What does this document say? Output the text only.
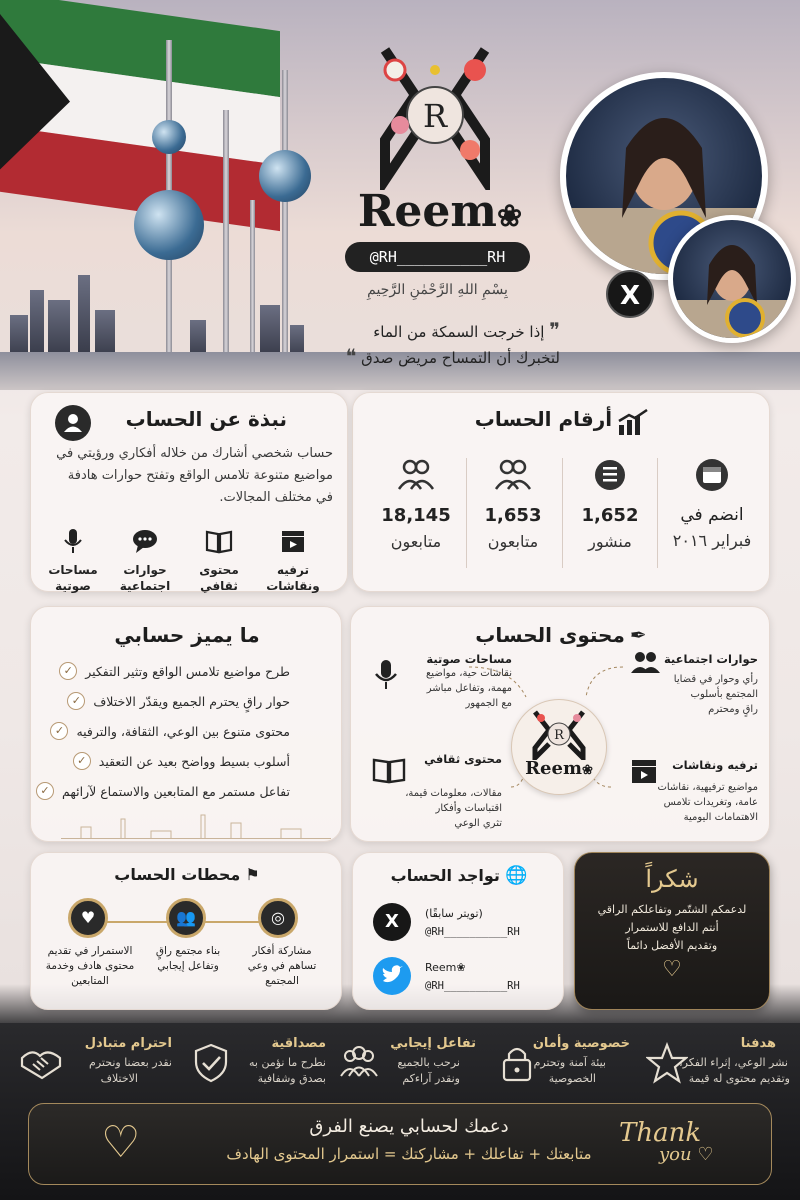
R
Reem❀
@RH__________RH
بِسْمِ اللهِ الرَّحْمٰنِ الرَّحِيمِ
❞ إذا خرجت السمكة من الماء
لتخبرك أن التمساح مريض صدق ❝
X
أرقام الحساب
18,145
متابعون
1,653
متابعون
1,652
منشور
انضم في
فبراير ٢٠١٦
نبذة عن الحساب
حساب شخصي أشارك من خلاله أفكاري ورؤيتي في مواضيع متنوعة تلامس الواقع وتفتح حوارات هادفة في مختلف المجالات.
مساحات
صوتية
حوارات
اجتماعية
محتوى
ثقافي
ترفيه
ونقاشات
ما يميز حسابي
طرح مواضيع تلامس الواقع وتثير التفكير
✓
حوار راقٍ يحترم الجميع ويقدّر الاختلاف
✓
محتوى متنوع بين الوعي، الثقافة، والترفيه
✓
أسلوب بسيط وواضح بعيد عن التعقيد
✓
تفاعل مستمر مع المتابعين والاستماع لآرائهم
✓
محتوى الحساب ✒
R
Reem❀
مساحات صوتية
نقاشات حية، مواضيع
مهمة، وتفاعل مباشر
مع الجمهور
حوارات اجتماعية
رأي وحوار في قضايا
المجتمع بأسلوب
راقٍ ومحترم
محتوى ثقافي
مقالات، معلومات قيمة،
اقتباسات وأفكار
تثري الوعي
ترفيه ونقاشات
مواضيع ترفيهية، نقاشات
عامة، وتغريدات تلامس
الاهتمامات اليومية
محطات الحساب ⚑
♥	👥	◎
مشاركة أفكار
تساهم في وعي
المجتمع
بناء مجتمع راقٍ
وتفاعل إيجابي
الاستمرار في تقديم
محتوى هادف وخدمة
المتابعين
تواجد الحساب 🌐
X	(تويتر سابقًا)
@RH__________RH
Reem❀
@RH__________RH
شكراً
لدعمكم الشتّمر وتفاعلكم الراقي
أنتم الدافع للاستمرار
وتقديم الأفضل دائماً
♡
هدفنا
نشر الوعي، إثراء الفكر،
وتقديم محتوى له قيمة
خصوصية وأمان
بيئة آمنة وتحترم
الخصوصية
تفاعل إيجابي
نرحب بالجميع
ونقدر آراءكم
مصداقية
نطرح ما نؤمن به
بصدق وشفافية
احترام متبادل
نقدر بعضنا ونحترم
الاختلاف
♡	دعمك لحسابي يصنع الفرق
متابعتك + تفاعلك + مشاركتك = استمرار المحتوى الهادف
Thank
you ♡
